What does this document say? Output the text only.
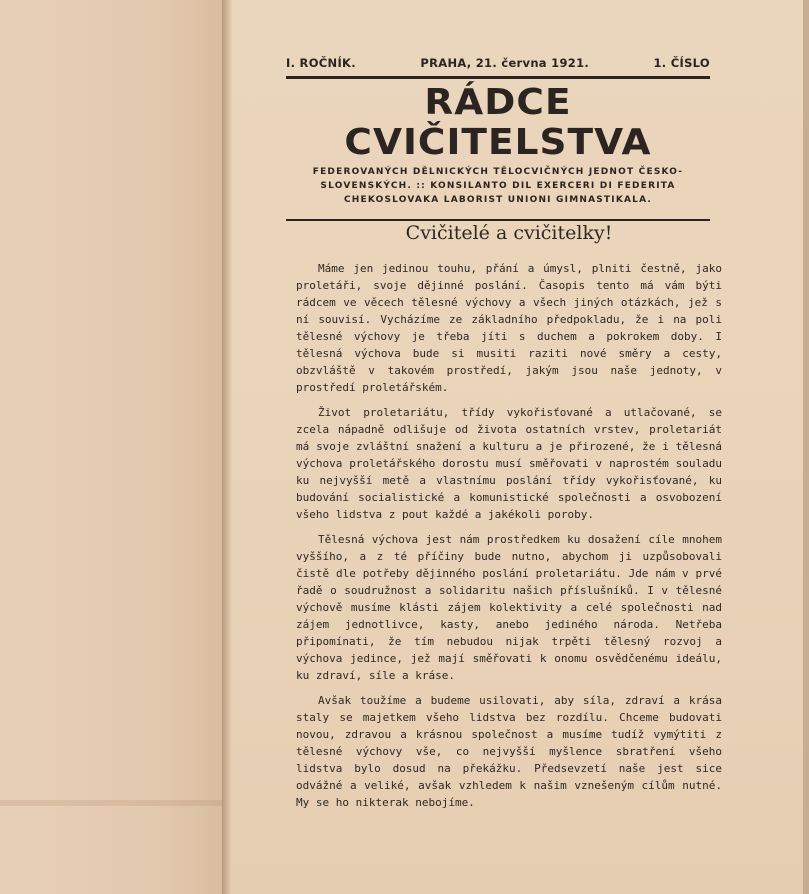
I. ROČNÍK.	PRAHA, 21. června 1921.	1. ČÍSLO
RÁDCE CVIČITELSTVA
FEDEROVANÝCH DĚLNICKÝCH TĚLOCVIČNÝCH JEDNOT ČESKO-
SLOVENSKÝCH. :: KONSILANTO DIL EXERCERI DI FEDERITA
CHEKOSLOVAKA LABORIST UNIONI GIMNASTIKALA.
Cvičitelé a cvičitelky!

Máme jen jedinou touhu, přání a úmysl, plniti čestně, jako proletáři, svoje dějinné poslání. Časopis tento má vám býti rádcem ve věcech tělesné výchovy a všech jiných otázkách, jež s ní souvisí. Vycházíme ze základního předpokladu, že i na poli tělesné výchovy je třeba jíti s duchem a pokrokem doby. I tělesná výchova bude si musiti raziti nové směry a cesty, obzvláště v takovém prostředí, jakým jsou naše jednoty, v prostředí proletářském.

Život proletariátu, třídy vykořisťované a utlačované, se zcela nápadně odlišuje od života ostatních vrstev, proletariát má svoje zvláštní snažení a kulturu a je přirozené, že i tělesná výchova proletářského dorostu musí směřovati v naprostém souladu ku nejvyšší metě a vlastnímu poslání třídy vykořisťované, ku budování socialistické a komunistické společnosti a osvobození všeho lidstva z pout každé a jakékoli poroby.

Tělesná výchova jest nám prostředkem ku dosažení cíle mnohem vyššího, a z té příčiny bude nutno, abychom ji uzpůsobovali čistě dle potřeby dějinného poslání proletariátu. Jde nám v prvé řadě o soudružnost a solidaritu našich příslušníků. I v tělesné výchově musíme klásti zájem kolektivity a celé společnosti nad zájem jednotlivce, kasty, anebo jediného národa. Netřeba připomínati, že tím nebudou nijak trpěti tělesný rozvoj a výchova jedince, jež mají směřovati k onomu osvědčenému ideálu, ku zdraví, síle a kráse.

Avšak toužíme a budeme usilovati, aby síla, zdraví a krása staly se majetkem všeho lidstva bez rozdílu. Chceme budovati novou, zdravou a krásnou společnost a musíme tudíž vymýtiti z tělesné výchovy vše, co nejvyšší myšlence sbratření všeho lidstva bylo dosud na překážku. Předsevzetí naše jest sice odvážné a veliké, avšak vzhledem k našim vznešeným cílům nutné. My se ho nikterak nebojíme.
